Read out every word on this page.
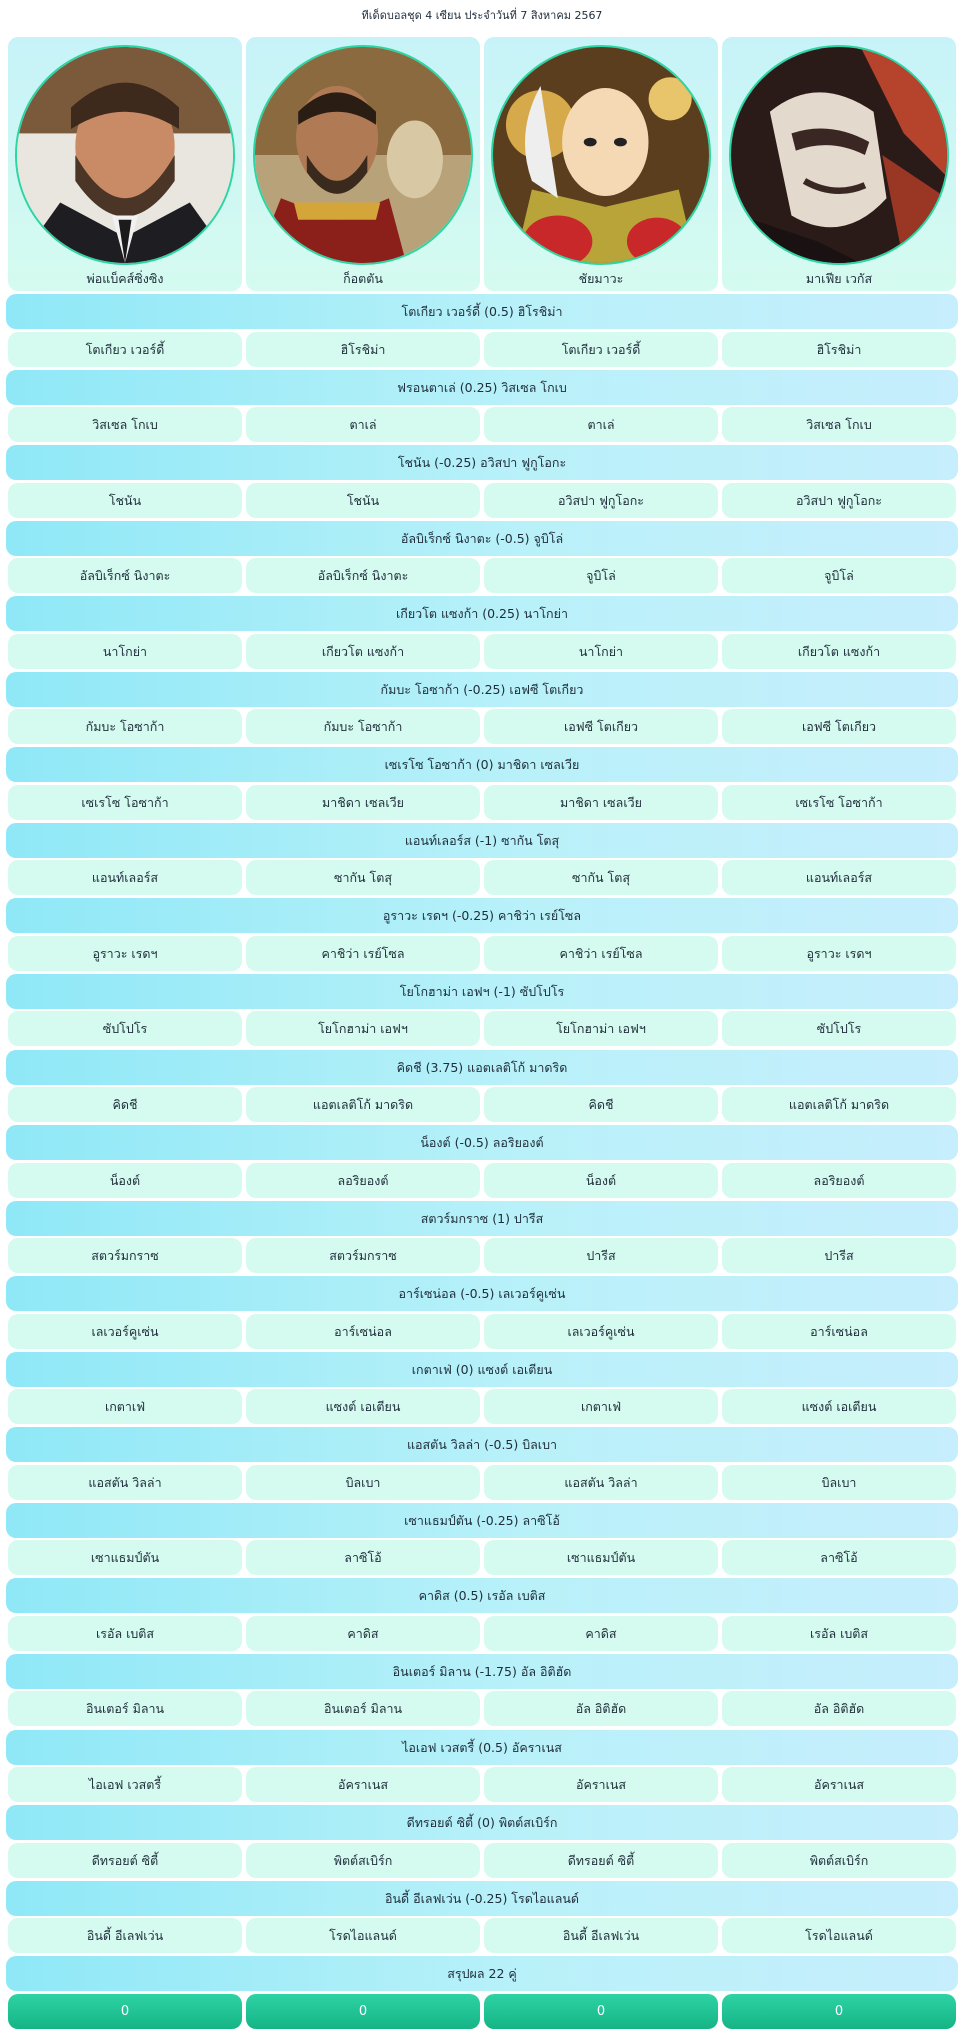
ทีเด็ดบอลชุด 4 เซียน ประจำวันที่ 7 สิงหาคม 2567
พ่อแบ็คส์ซิ่งซิง	ก็อตตัน	ชัยมาวะ	มาเฟีย เวกัส
โตเกียว เวอร์ดี้ (0.5) ฮิโรชิม่า
โตเกียว เวอร์ดี้	ฮิโรชิม่า	โตเกียว เวอร์ดี้	ฮิโรชิม่า
ฟรอนตาเล่ (0.25) วิสเซล โกเบ
วิสเซล โกเบ	ตาเล่	ตาเล่	วิสเซล โกเบ
โชนัน (-0.25) อวิสปา ฟูกูโอกะ
โชนัน	โชนัน	อวิสปา ฟูกูโอกะ	อวิสปา ฟูกูโอกะ
อัลบิเร็กซ์ นิงาตะ (-0.5) จูบิโล่
อัลบิเร็กซ์ นิงาตะ	อัลบิเร็กซ์ นิงาตะ	จูบิโล่	จูบิโล่
เกียวโต แซงก้า (0.25) นาโกย่า
นาโกย่า	เกียวโต แซงก้า	นาโกย่า	เกียวโต แซงก้า
กัมบะ โอซาก้า (-0.25) เอฟซี โตเกียว
กัมบะ โอซาก้า	กัมบะ โอซาก้า	เอฟซี โตเกียว	เอฟซี โตเกียว
เซเรโซ โอซาก้า (0) มาชิดา เซลเวีย
เซเรโซ โอซาก้า	มาชิดา เซลเวีย	มาชิดา เซลเวีย	เซเรโซ โอซาก้า
แอนท์เลอร์ส (-1) ซากัน โตสุ
แอนท์เลอร์ส	ซากัน โตสุ	ซากัน โตสุ	แอนท์เลอร์ส
อูราวะ เรดฯ (-0.25) คาชิว่า เรย์โซล
อูราวะ เรดฯ	คาชิว่า เรย์โซล	คาชิว่า เรย์โซล	อูราวะ เรดฯ
โยโกฮาม่า เอฟฯ (-1) ซัปโปโร
ซัปโปโร	โยโกฮาม่า เอฟฯ	โยโกฮาม่า เอฟฯ	ซัปโปโร
คิดชี (3.75) แอตเลติโก้ มาดริด
คิดชี	แอตเลติโก้ มาดริด	คิดชี	แอตเลติโก้ มาดริด
น็องต์ (-0.5) ลอริยองต์
น็องต์	ลอริยองต์	น็องต์	ลอริยองต์
สตวร์มกราซ (1) ปารีส
สตวร์มกราซ	สตวร์มกราซ	ปารีส	ปารีส
อาร์เซน่อล (-0.5) เลเวอร์คูเซ่น
เลเวอร์คูเซ่น	อาร์เซน่อล	เลเวอร์คูเซ่น	อาร์เซน่อล
เกตาเฟ่ (0) แซงต์ เอเตียน
เกตาเฟ่	แซงต์ เอเตียน	เกตาเฟ่	แซงต์ เอเตียน
แอสตัน วิลล่า (-0.5) บิลเบา
แอสตัน วิลล่า	บิลเบา	แอสตัน วิลล่า	บิลเบา
เซาแธมป์ตัน (-0.25) ลาซิโอ้
เซาแธมป์ตัน	ลาซิโอ้	เซาแธมป์ตัน	ลาซิโอ้
คาดิส (0.5) เรอัล เบติส
เรอัล เบติส	คาดิส	คาดิส	เรอัล เบติส
อินเตอร์ มิลาน (-1.75) อัล อิติฮัด
อินเตอร์ มิลาน	อินเตอร์ มิลาน	อัล อิติฮัด	อัล อิติฮัด
ไอเอฟ เวสตรี้ (0.5) อัคราเนส
ไอเอฟ เวสตรี้	อัคราเนส	อัคราเนส	อัคราเนส
ดีทรอยต์ ซิตี้ (0) พิตต์สเบิร์ก
ดีทรอยต์ ซิตี้	พิตต์สเบิร์ก	ดีทรอยต์ ซิตี้	พิตต์สเบิร์ก
อินดี้ อีเลฟเว่น (-0.25) โรดไอแลนด์
อินดี้ อีเลฟเว่น	โรดไอแลนด์	อินดี้ อีเลฟเว่น	โรดไอแลนด์
สรุปผล 22 คู่
0	0	0	0
